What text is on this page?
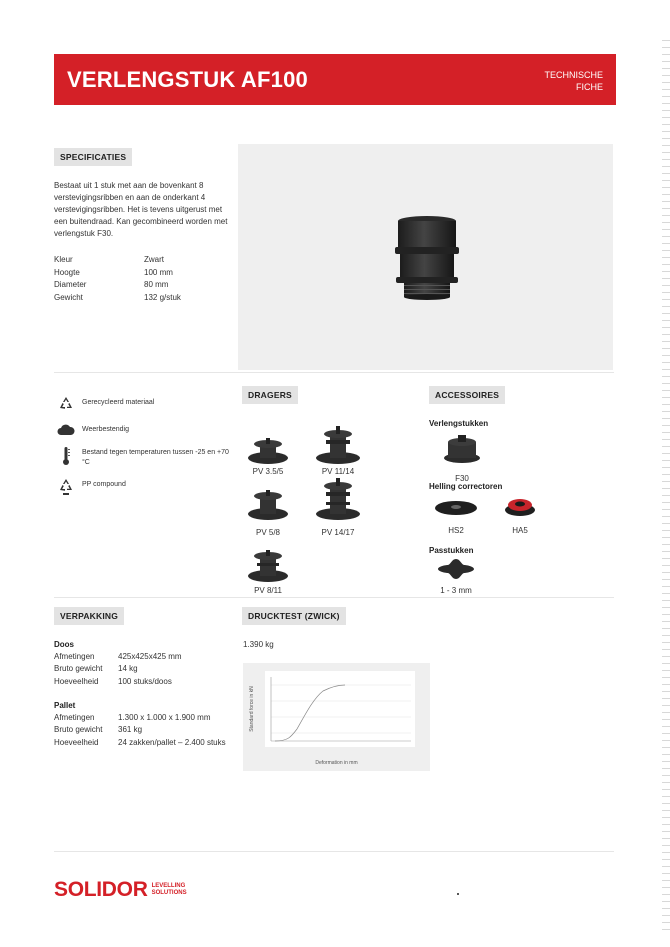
VERLENGSTUK AF100	TECHNISCHE
FICHE
SPECIFICATIES
Bestaat uit 1 stuk met aan de bovenkant 8 verstevigingsribben en aan de onderkant 4 verstevigingsribben. Het is tevens uitgerust met een buitendraad. Kan gecombineerd worden met verlengstuk F30.
Kleur	Zwart
Hoogte	100 mm
Diameter	80 mm
Gewicht	132 g/stuk
Gerecycleerd materiaal
Weerbestendig
Bestand tegen temperaturen tussen -25 en +70 °C
PP compound
DRAGERS
PV 3.5/5	PV 11/14
PV 5/8	PV 14/17
PV 8/11
ACCESSOIRES
Verlengstukken
F30
Helling correctoren
HS2	HA5
Passtukken
1 - 3 mm
VERPAKKING
Doos
Afmetingen	425x425x425 mm
Bruto gewicht	14 kg
Hoeveelheid	100 stuks/doos
Pallet
Afmetingen	1.300 x 1.000 x 1.900 mm
Bruto gewicht	361 kg
Hoeveelheid	24 zakken/pallet – 2.400 stuks
DRUCKTEST (ZWICK)
1.390 kg
Deformation in mm
Standard force in kN
SOLIDOR LEVELLING
SOLUTIONS
